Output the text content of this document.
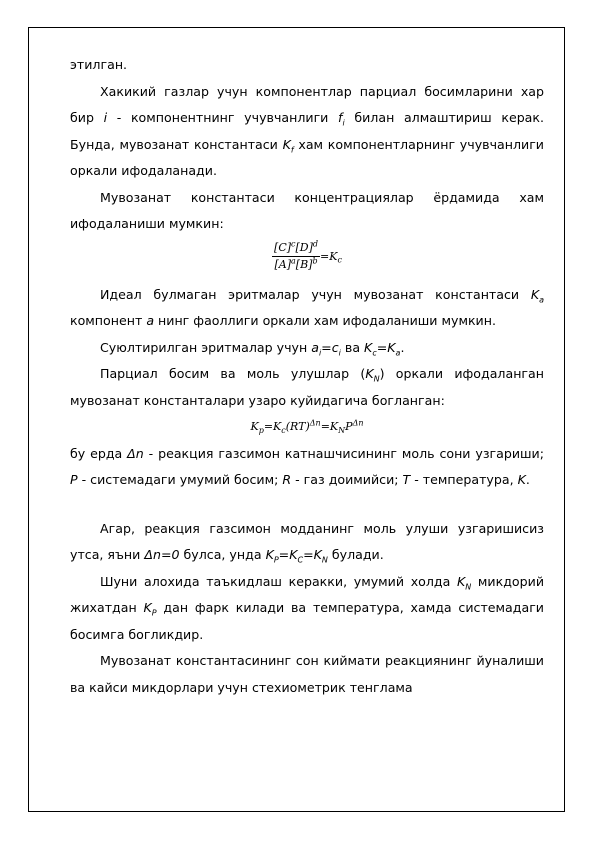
этилган.

Хакикий газлар учун компонентлар парциал босимларини хар бир i - компонентнинг учувчанлиги $f_i$ билан алмаштириш керак. Бунда, мувозанат константаси $K_f$ хам компонентларнинг учувчанлиги оркали ифодаланади.

Мувозанат константаси концентрациялар ёрдамида хам ифодаланиши мумкин:

$\frac{[C]^c[D]^d}{[A]^a[B]^b} =K_c$

Идеал булмаган эритмалар учун мувозанат константаси $K_a$ компонент a нинг фаоллиги оркали хам ифодаланиши мумкин.

Суюлтирилган эритмалар учун $a_i=c_i$ ва $K_c=K_a$.

Парциал босим ва моль улушлар $(K_N)$ оркали ифодаланган мувозанат константалари узаро куйидагича богланган:

$K_p=K_c(RT)^{\Delta n}=K_NP^{\Delta n}$

бу ерда Δn - реакция газсимон катнашчисининг моль сони узгариши; P - системадаги умумий босим; R - газ доимийси; T - температура, K.

Агар, реакция газсимон модданинг моль улуши узгаришисиз утса, яъни Δn=0 булса, унда $K_P=K_C=K_N$ булади.

Шуни алохида таъкидлаш керакки, умумий холда $K_N$ микдорий жихатдан $K_P$ дан фарк килади ва температура, хамда системадаги босимга богликдир.

Мувозанат константасининг сон киймати реакциянинг йуналиши ва кайси микдорлари учун стехиометрик тенглама
